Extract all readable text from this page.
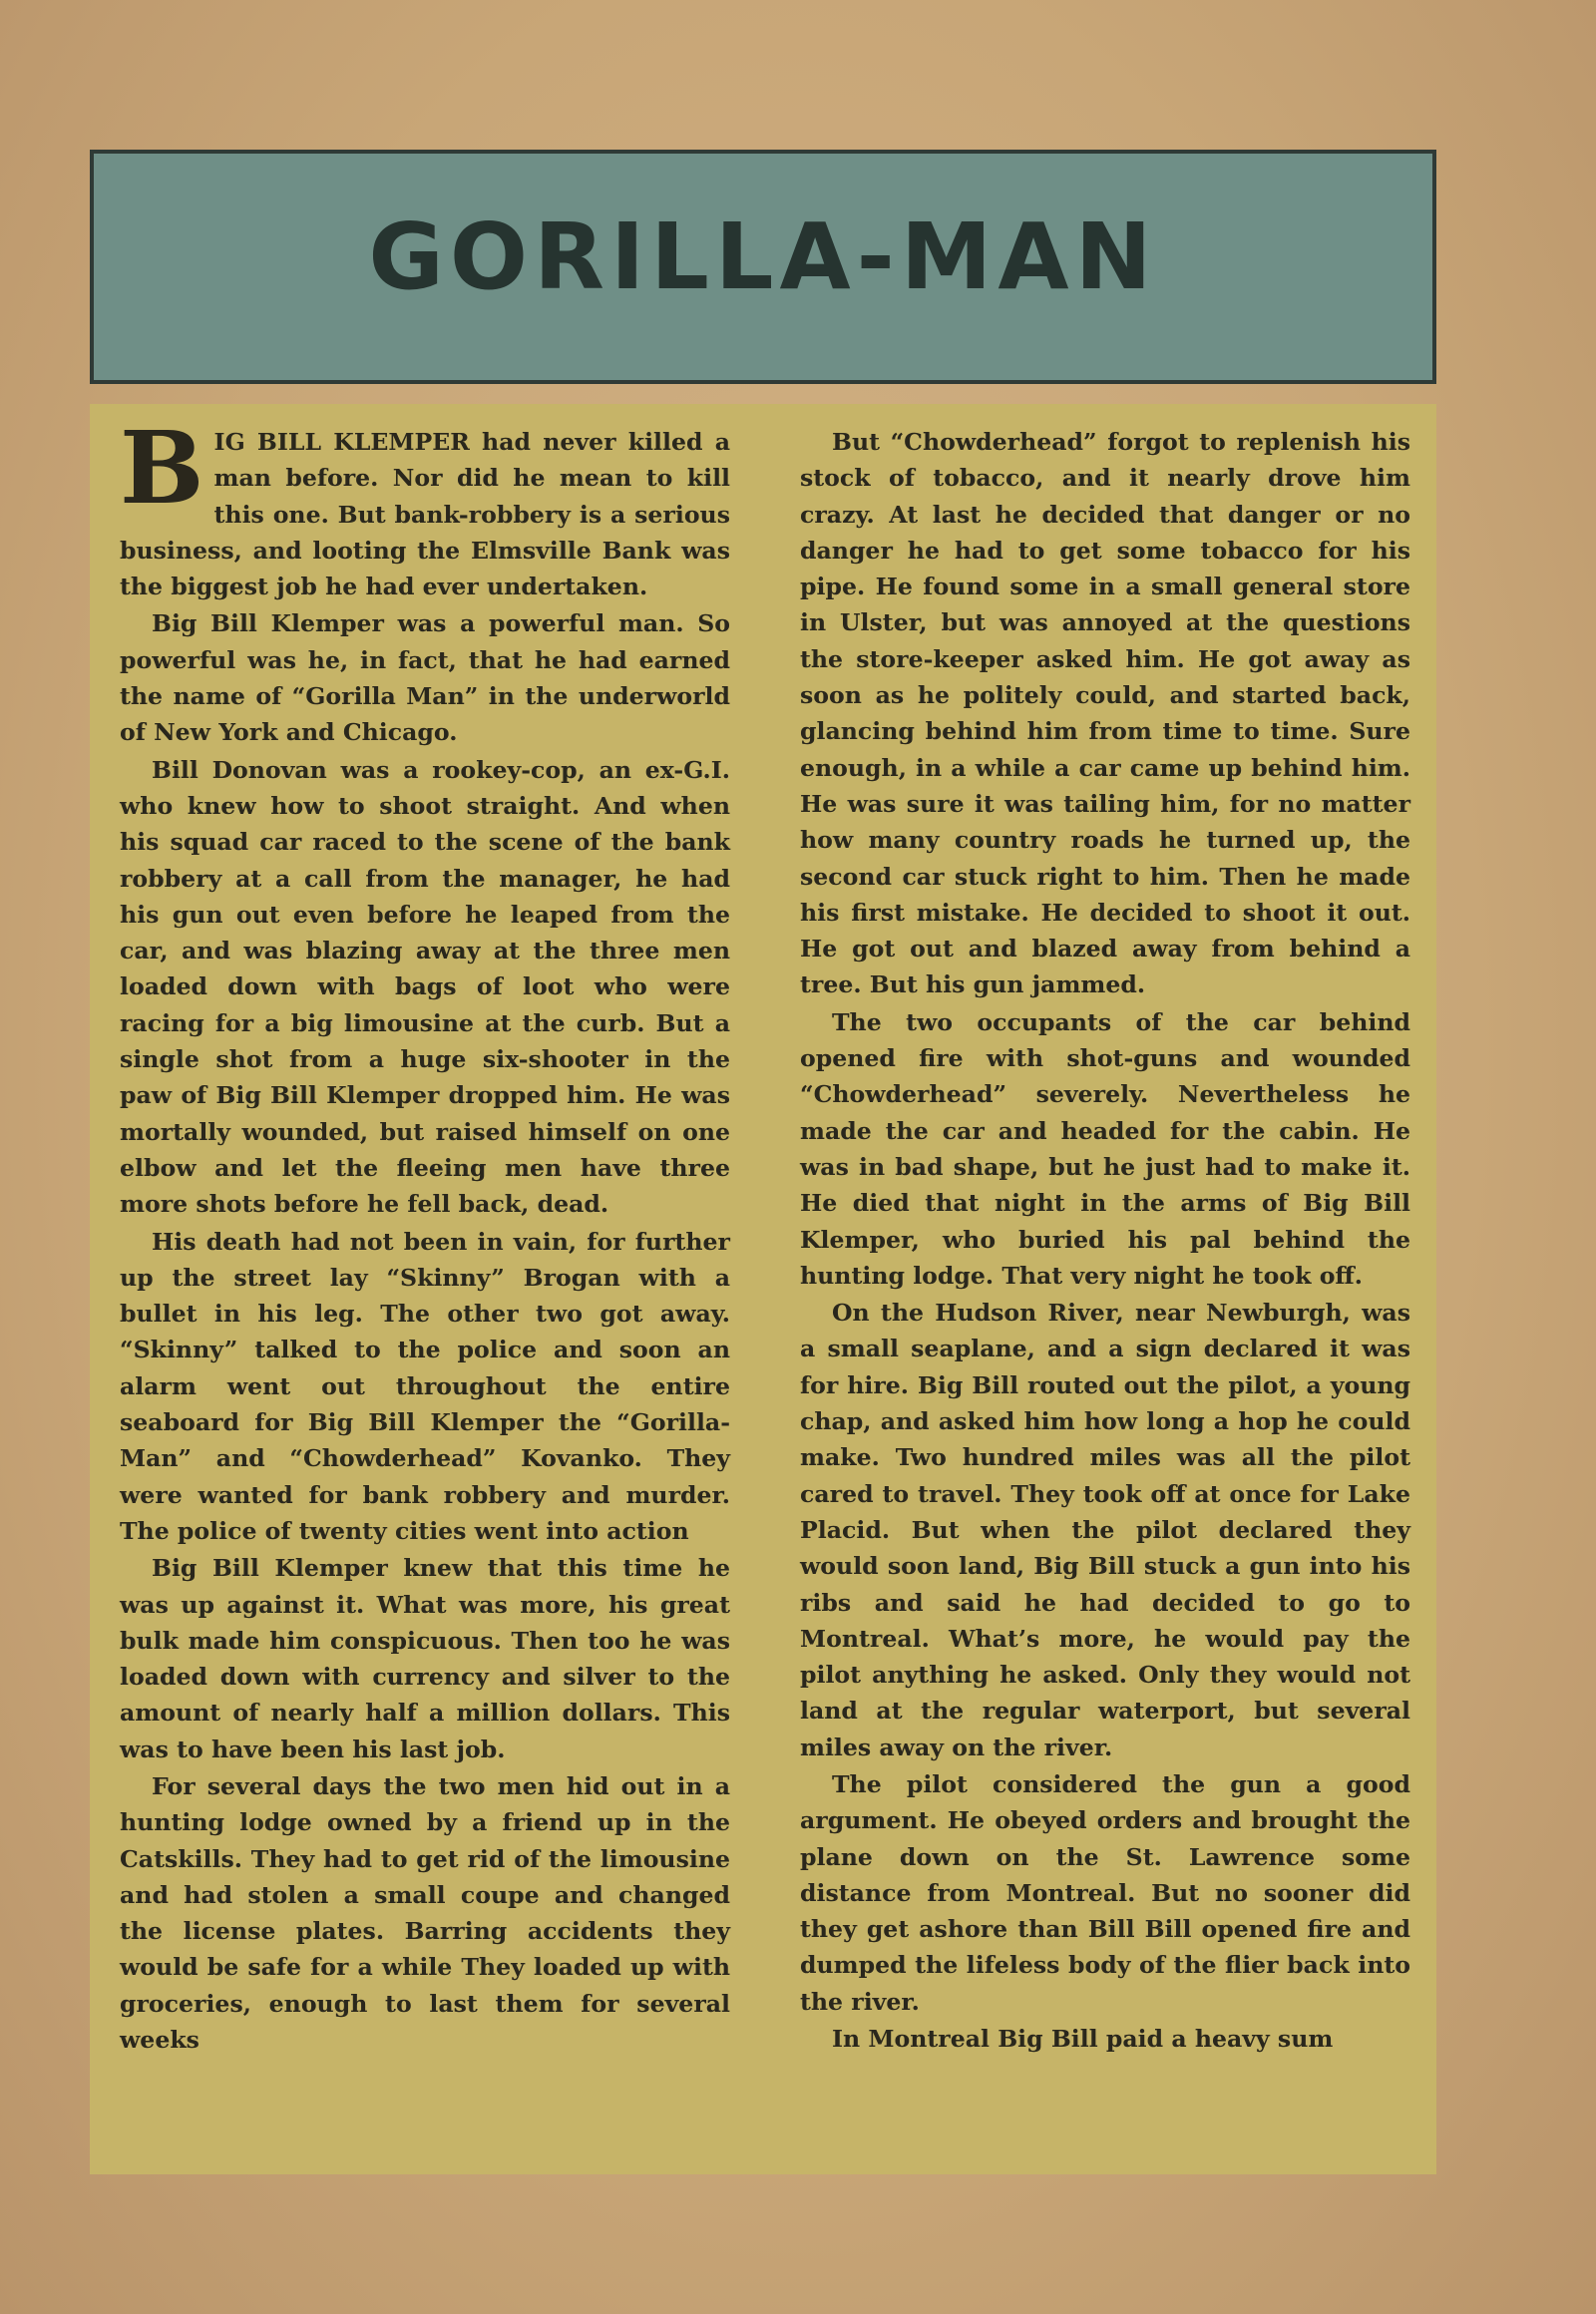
GORILLA-MAN

BIG BILL KLEMPER had never killed a man before. Nor did he mean to kill this one. But bank-robbery is a serious business, and looting the Elmsville Bank was the biggest job he had ever undertaken.

Big Bill Klemper was a powerful man. So powerful was he, in fact, that he had earned the name of “Gorilla Man” in the underworld of New York and Chicago.

Bill Donovan was a rookey-cop, an ex-G.I. who knew how to shoot straight. And when his squad car raced to the scene of the bank robbery at a call from the manager, he had his gun out even before he leaped from the car, and was blazing away at the three men loaded down with bags of loot who were racing for a big limousine at the curb. But a single shot from a huge six-shooter in the paw of Big Bill Klemper dropped him. He was mortally wounded, but raised himself on one elbow and let the fleeing men have three more shots before he fell back, dead.

His death had not been in vain, for further up the street lay “Skinny” Brogan with a bullet in his leg. The other two got away. “Skinny” talked to the police and soon an alarm went out throughout the entire seaboard for Big Bill Klemper the “Gorilla-Man” and “Chowderhead” Kovanko. They were wanted for bank robbery and murder. The police of twenty cities went into action

Big Bill Klemper knew that this time he was up against it. What was more, his great bulk made him conspicuous. Then too he was loaded down with currency and silver to the amount of nearly half a million dollars. This was to have been his last job.

For several days the two men hid out in a hunting lodge owned by a friend up in the Catskills. They had to get rid of the limousine and had stolen a small coupe and changed the license plates. Barring accidents they would be safe for a while They loaded up with groceries, enough to last them for several weeks

But “Chowderhead” forgot to replenish his stock of tobacco, and it nearly drove him crazy. At last he decided that danger or no danger he had to get some tobacco for his pipe. He found some in a small general store in Ulster, but was annoyed at the questions the store-keeper asked him. He got away as soon as he politely could, and started back, glancing behind him from time to time. Sure enough, in a while a car came up behind him. He was sure it was tailing him, for no matter how many country roads he turned up, the second car stuck right to him. Then he made his first mistake. He decided to shoot it out. He got out and blazed away from behind a tree. But his gun jammed.

The two occupants of the car behind opened fire with shot-guns and wounded “Chowderhead” severely. Nevertheless he made the car and headed for the cabin. He was in bad shape, but he just had to make it. He died that night in the arms of Big Bill Klemper, who buried his pal behind the hunting lodge. That very night he took off.

On the Hudson River, near Newburgh, was a small seaplane, and a sign declared it was for hire. Big Bill routed out the pilot, a young chap, and asked him how long a hop he could make. Two hundred miles was all the pilot cared to travel. They took off at once for Lake Placid. But when the pilot declared they would soon land, Big Bill stuck a gun into his ribs and said he had decided to go to Montreal. What’s more, he would pay the pilot anything he asked. Only they would not land at the regular waterport, but several miles away on the river.

The pilot considered the gun a good argument. He obeyed orders and brought the plane down on the St. Lawrence some distance from Montreal. But no sooner did they get ashore than Bill Bill opened fire and dumped the lifeless body of the flier back into the river.

In Montreal Big Bill paid a heavy sum
